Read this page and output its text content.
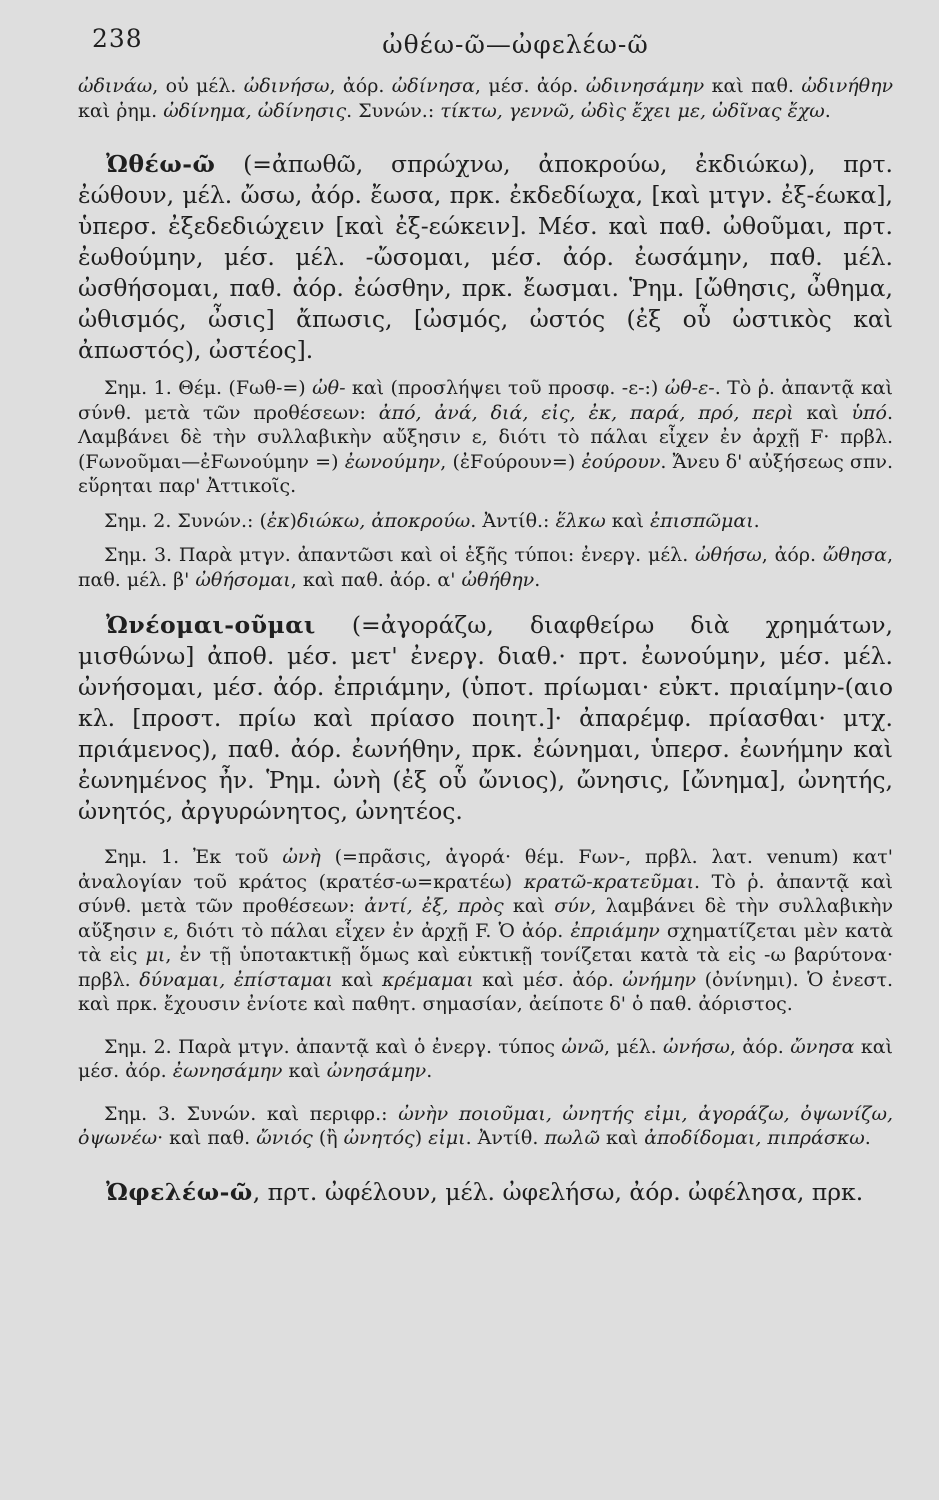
238	ὠθέω-ῶ—ὠφελέω-ῶ

ὠδινάω, οὐ μέλ. ὠδινήσω, ἀόρ. ὠδίνησα, μέσ. ἀόρ. ὠδινησάμην καὶ παθ. ὠδινήθην καὶ ῥημ. ὠδίνημα, ὠδίνησις. Συνών.: τίκτω, γεννῶ, ὠδὶς ἔχει με, ὠδῖνας ἔχω.

Ὠθέω-ῶ (=ἀπωθῶ, σπρώχνω, ἀποκρούω, ἐκδιώκω), πρτ. ἐώθουν, μέλ. ὤσω, ἀόρ. ἔωσα, πρκ. ἐκδεδίωχα, [καὶ μτγν. ἐξ-έωκα], ὑπερσ. ἐξεδεδιώχειν [καὶ ἐξ-εώκειν]. Μέσ. καὶ παθ. ὠθοῦμαι, πρτ. ἐωθούμην, μέσ. μέλ. -ὤσομαι, μέσ. ἀόρ. ἐωσάμην, παθ. μέλ. ὠσθήσομαι, παθ. ἀόρ. ἐώσθην, πρκ. ἔωσμαι. Ῥημ. [ὤθησις, ὦθημα, ὠθισμός, ὦσις] ἄπωσις, [ὠσμός, ὠστός (ἐξ οὗ ὠστικὸς καὶ ἀπωστός), ὠστέος].

Σημ. 1. Θέμ. (Fωθ-=) ὠθ- καὶ (προσλήψει τοῦ προσφ. -ε-:) ὠθ-ε-. Τὸ ῥ. ἀπαντᾷ καὶ σύνθ. μετὰ τῶν προθέσεων: ἀπό, ἀνά, διά, εἰς, ἐκ, παρά, πρό, περὶ καὶ ὑπό. Λαμβάνει δὲ τὴν συλλαβικὴν αὔξησιν ε, διότι τὸ πάλαι εἶχεν ἐν ἀρχῇ F· πρβλ. (Fωνοῦμαι—ἐFωνούμην =) ἐωνούμην, (ἐFούρουν=) ἐούρουν. Ἄνευ δ' αὐξήσεως σπν. εὕρηται παρ' Ἀττικοῖς.

Σημ. 2. Συνών.: (ἐκ)διώκω, ἀποκρούω. Ἀντίθ.: ἕλκω καὶ ἐπισπῶμαι.

Σημ. 3. Παρὰ μτγν. ἀπαντῶσι καὶ οἱ ἑξῆς τύποι: ἐνεργ. μέλ. ὠθήσω, ἀόρ. ὤθησα, παθ. μέλ. β' ὠθήσομαι, καὶ παθ. ἀόρ. α' ὠθήθην.

Ὠνέομαι-οῦμαι (=ἀγοράζω, διαφθείρω διὰ χρημάτων, μισθώνω] ἀποθ. μέσ. μετ' ἐνεργ. διαθ.· πρτ. ἐωνούμην, μέσ. μέλ. ὠνήσομαι, μέσ. ἀόρ. ἐπριάμην, (ὑποτ. πρίωμαι· εὐκτ. πριαίμην-(αιο κλ. [προστ. πρίω καὶ πρίασο ποιητ.]· ἀπαρέμφ. πρίασθαι· μτχ. πριάμενος), παθ. ἀόρ. ἐωνήθην, πρκ. ἐώνημαι, ὑπερσ. ἐωνήμην καὶ ἐωνημένος ἦν. Ῥημ. ὠνὴ (ἐξ οὗ ὤνιος), ὤνησις, [ὤνημα], ὠνητής, ὠνητός, ἀργυρώνητος, ὠνητέος.

Σημ. 1. Ἐκ τοῦ ὠνὴ (=πρᾶσις, ἀγορά· θέμ. Fων-, πρβλ. λατ. venum) κατ' ἀναλογίαν τοῦ κράτος (κρατέσ-ω=κρατέω) κρατῶ-κρατεῦμαι. Τὸ ῥ. ἀπαντᾷ καὶ σύνθ. μετὰ τῶν προθέσεων: ἀντί, ἐξ, πρὸς καὶ σύν, λαμβάνει δὲ τὴν συλλαβικὴν αὔξησιν ε, διότι τὸ πάλαι εἶχεν ἐν ἀρχῇ F. Ὁ ἀόρ. ἐπριάμην σχηματίζεται μὲν κατὰ τὰ εἰς μι, ἐν τῇ ὑποτακτικῇ ὅμως καὶ εὐκτικῇ τονίζεται κατὰ τὰ εἰς -ω βαρύτονα· πρβλ. δύναμαι, ἐπίσταμαι καὶ κρέμαμαι καὶ μέσ. ἀόρ. ὠνήμην (ὀνίνημι). Ὁ ἐνεστ. καὶ πρκ. ἔχουσιν ἐνίοτε καὶ παθητ. σημασίαν, ἀείποτε δ' ὁ παθ. ἀόριστος.

Σημ. 2. Παρὰ μτγν. ἀπαντᾷ καὶ ὁ ἐνεργ. τύπος ὠνῶ, μέλ. ὠνήσω, ἀόρ. ὤνησα καὶ μέσ. ἀόρ. ἐωνησάμην καὶ ὠνησάμην.

Σημ. 3. Συνών. καὶ περιφρ.: ὠνὴν ποιοῦμαι, ὠνητής εἰμι, ἀγοράζω, ὀψωνίζω, ὀψωνέω· καὶ παθ. ὤνιός (ἢ ὠνητός) εἰμι. Ἀντίθ. πωλῶ καὶ ἀποδίδομαι, πιπράσκω.

Ὠφελέω-ῶ, πρτ. ὠφέλουν, μέλ. ὠφελήσω, ἀόρ. ὠφέλησα, πρκ.
